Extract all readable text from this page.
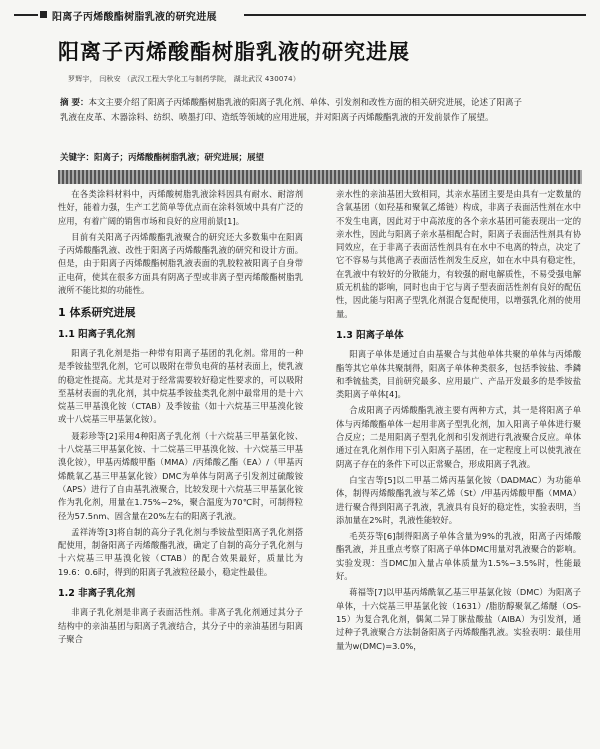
阳离子丙烯酸酯树脂乳液的研究进展
阳离子丙烯酸酯树脂乳液的研究进展
罗辉宇， 闫秋安 （武汉工程大学化工与制药学院， 湖北武汉 430074）
摘 要：本文主要介绍了阳离子丙烯酸酯树脂乳液的阳离子乳化剂、单体、引发剂和改性方面的相关研究进展，论述了阳离子乳液在皮革、木器涂料、纺织、喷墨打印、造纸等领域的应用进展，并对阳离子丙烯酸酯乳液的开发前景作了展望。
关键字：阳离子；丙烯酸酯树脂乳液；研究进展；展望

在各类涂料材料中，丙烯酸树脂乳液涂料因具有耐水、耐溶剂性好，能着力强，生产工艺简单等优点而在涂料领域中具有广泛的应用，有着广阔的销售市场和良好的应用前景[1]。

目前有关阳离子丙烯酸酯乳液聚合的研究还大多数集中在阳离子丙烯酸酯乳液、改性于阳离子丙烯酸酯乳液的研究和设计方面。但是，由于阳离子丙烯酸酯树脂乳液表面的乳胶粒被阳离子自身带正电荷，使其在很多方面具有阴离子型或非离子型丙烯酸酯树脂乳液所不能比拟的功能性。

1 体系研究进展
1.1 阳离子乳化剂

阳离子乳化剂是指一种带有阳离子基团的乳化剂。常用的一种是季铵盐型乳化剂，它可以吸附在带负电荷的基材表面上，使乳液的稳定性提高。尤其是对于经常需要较好稳定性要求的，可以吸附至基材表面的乳化剂，其中烷基季铵盐类乳化剂中最常用的是十六烷基三甲基溴化铵（CTAB）及季铵盐（如十六烷基三甲基溴化铵或十八烷基三甲基氯化铵）。

聂彩珍等[2]采用4种阳离子乳化剂（十六烷基三甲基氯化铵、十八烷基三甲基氯化铵、十二烷基三甲基溴化铵、十六烷基三甲基溴化铵），甲基丙烯酸甲酯（MMA）/丙烯酸乙酯（EA）/（甲基丙烯酰氧乙基三甲基氯化铵）DMC为单体与阴离子引发剂过硫酸铵（APS）进行了自由基乳液聚合，比较发现十六烷基三甲基氯化铵作为乳化剂，用量在1.75%~2%，聚合温度为70℃时，可制得粒径为57.5nm、固含量在20%左右的阳离子乳液。

孟祥涛等[3]将自制的高分子乳化剂与季铵盐型阳离子乳化剂搭配使用，制备阳离子丙烯酸酯乳液，确定了自制的高分子乳化剂与十六烷基三甲基溴化铵（CTAB）的配合效果最好，质量比为19.6：0.6时，得到的阳离子乳液粒径最小，稳定性最佳。

1.2 非离子乳化剂

非离子乳化剂是非离子表面活性剂。非离子乳化剂通过其分子结构中的亲油基团与阳离子乳液结合，其分子中的亲油基团与阳离子聚合

亲水性的亲油基团大致相同，其亲水基团主要是由具有一定数量的含氧基团（如羟基和聚氧乙烯链）构成，非离子表面活性剂在水中不发生电离，因此对于中高浓度的各个亲水基团可能表现出一定的亲水性，因此与阳离子亲水基相配合时，阳离子表面活性剂具有协同效应，在于非离子表面活性剂具有在水中不电离的特点，决定了它不容易与其他离子表面活性剂发生反应，如在水中具有稳定性，在乳液中有较好的分散能力，有较强的耐电解质性，不易受强电解质无机盐的影响，同时也由于它与离子型表面活性剂有良好的配伍性，因此能与阳离子型乳化剂混合复配使用，以增强乳化剂的使用量。

1.3 阳离子单体

阳离子单体是通过自由基聚合与其他单体共聚的单体与丙烯酸酯等其它单体共聚制得，阳离子单体种类很多，包括季铵盐、季鏻和季锍盐类，目前研究最多、应用最广、产品开发最多的是季铵盐类阳离子单体[4]。

合成阳离子丙烯酸酯乳液主要有两种方式，其一是将阳离子单体与丙烯酸酯单体一起用非离子型乳化剂，加入阳离子单体进行聚合反应；二是用阳离子型乳化剂和引发剂进行乳液聚合反应。单体通过在乳化剂作用下引入阳离子基团，在一定程度上可以使乳液在阴离子存在的条件下可以正常聚合，形成阳离子乳液。

白宝吉等[5]以二甲基二烯丙基氯化铵（DADMAC）为功能单体，制得丙烯酸酯乳液与苯乙烯（St）/甲基丙烯酸甲酯（MMA）进行聚合得到阳离子乳液，乳液具有良好的稳定性，实验表明，当添加量在2%时，乳液性能较好。

毛英芬等[6]制得阳离子单体含量为9%的乳液，阳离子丙烯酸酯乳液，并且重点考察了阳离子单体DMC用量对乳液聚合的影响。实验发现：当DMC加入量占单体质量为1.5%~3.5%时，性能最好。

蒋福等[7]以甲基丙烯酰氧乙基三甲基氯化铵（DMC）为阳离子单体，十六烷基三甲基氯化铵（1631）/脂肪醇聚氧乙烯醚（OS-15）为复合乳化剂，偶氮二异丁脒盐酸盐（AIBA）为引发剂，通过种子乳液聚合方法制备阳离子丙烯酸酯乳液。实验表明：最佳用量为w(DMC)=3.0%，
